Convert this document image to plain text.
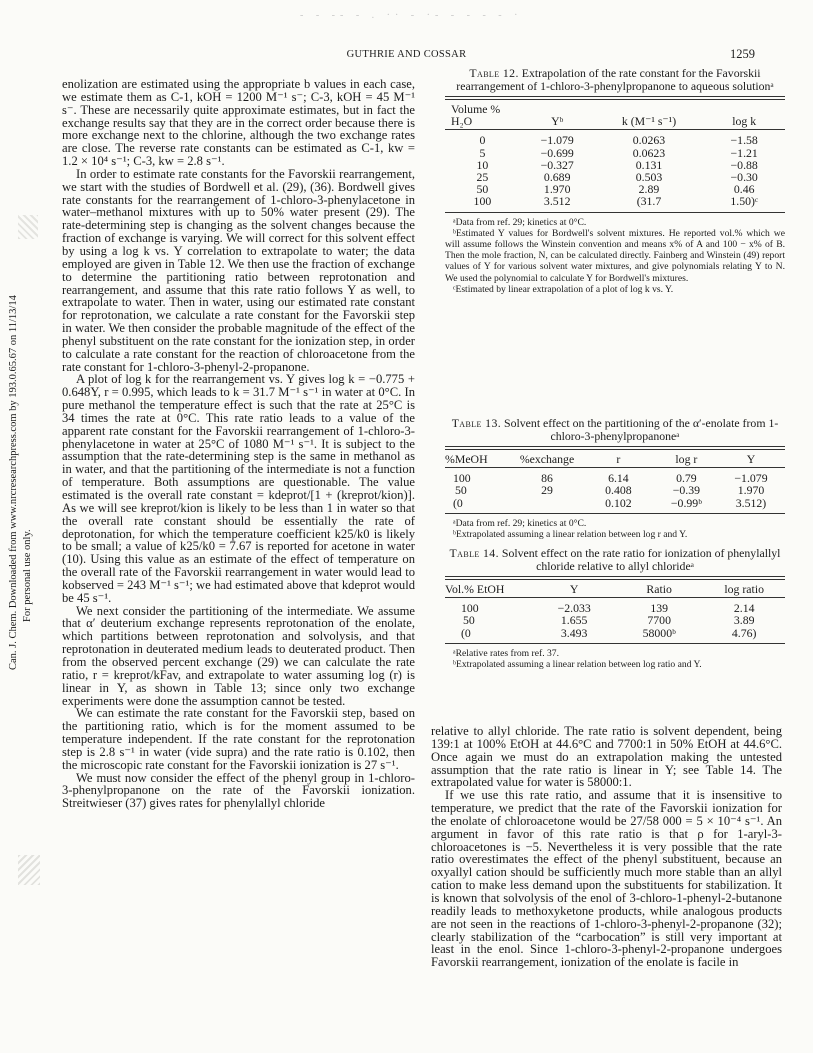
- - -- - . ·· - ·- - - - - ·
Can. J. Chem. Downloaded from www.nrcresearchpress.com by 193.0.65.67 on 11/13/14 For personal use only.
GUTHRIE AND COSSAR	1259

enolization are estimated using the appropriate b values in each case, we estimate them as C-1, kOH = 1200 M⁻¹ s⁻; C-3, kOH = 45 M⁻¹ s⁻. These are necessarily quite approximate estimates, but in fact the exchange results say that they are in the correct order because there is more exchange next to the chlorine, although the two exchange rates are close. The reverse rate constants can be estimated as C-1, kw = 1.2 × 10⁴ s⁻¹; C-3, kw = 2.8 s⁻¹.

In order to estimate rate constants for the Favorskii rearrangement, we start with the studies of Bordwell et al. (29), (36). Bordwell gives rate constants for the rearrangement of 1-chloro-3-phenylacetone in water–methanol mixtures with up to 50% water present (29). The rate-determining step is changing as the solvent changes because the fraction of exchange is varying. We will correct for this solvent effect by using a log k vs. Y correlation to extrapolate to water; the data employed are given in Table 12. We then use the fraction of exchange to determine the partitioning ratio between reprotonation and rearrangement, and assume that this rate ratio follows Y as well, to extrapolate to water. Then in water, using our estimated rate constant for reprotonation, we calculate a rate constant for the Favorskii step in water. We then consider the probable magnitude of the effect of the phenyl substituent on the rate constant for the ionization step, in order to calculate a rate constant for the reaction of chloroacetone from the rate constant for 1-chloro-3-phenyl-2-propanone.

A plot of log k for the rearrangement vs. Y gives log k = −0.775 + 0.648Y, r = 0.995, which leads to k = 31.7 M⁻¹ s⁻¹ in water at 0°C. In pure methanol the temperature effect is such that the rate at 25°C is 34 times the rate at 0°C. This rate ratio leads to a value of the apparent rate constant for the Favorskii rearrangement of 1-chloro-3-phenylacetone in water at 25°C of 1080 M⁻¹ s⁻¹. It is subject to the assumption that the rate-determining step is the same in methanol as in water, and that the partitioning of the intermediate is not a function of temperature. Both assumptions are questionable. The value estimated is the overall rate constant = kdeprot/[1 + (kreprot/kion)]. As we will see kreprot/kion is likely to be less than 1 in water so that the overall rate constant should be essentially the rate of deprotonation, for which the temperature coefficient k25/k0 is likely to be small; a value of k25/k0 = 7.67 is reported for acetone in water (10). Using this value as an estimate of the effect of temperature on the overall rate of the Favorskii rearrangement in water would lead to kobserved = 243 M⁻¹ s⁻¹; we had estimated above that kdeprot would be 45 s⁻¹.

We next consider the partitioning of the intermediate. We assume that α′ deuterium exchange represents reprotonation of the enolate, which partitions between reprotonation and solvolysis, and that reprotonation in deuterated medium leads to deuterated product. Then from the observed percent exchange (29) we can calculate the rate ratio, r = kreprot/kFav, and extrapolate to water assuming log (r) is linear in Y, as shown in Table 13; since only two exchange experiments were done the assumption cannot be tested.

We can estimate the rate constant for the Favorskii step, based on the partitioning ratio, which is for the moment assumed to be temperature independent. If the rate constant for the reprotonation step is 2.8 s⁻¹ in water (vide supra) and the rate ratio is 0.102, then the microscopic rate constant for the Favorskii ionization is 27 s⁻¹.

We must now consider the effect of the phenyl group in 1-chloro-3-phenylpropanone on the rate of the Favorskii ionization. Streitwieser (37) gives rates for phenylallyl chloride

Table 12. Extrapolation of the rate constant for the Favorskii rearrangement of 1-chloro-3-phenylpropanone to aqueous solutionᵃ
Volume % H₂O	Yᵇ	k (M⁻¹ s⁻¹)	log k
0	−1.079	0.0263	−1.58
5	−0.699	0.0623	−1.21
10	−0.327	0.131	−0.88
25	0.689	0.503	−0.30
50	1.970	2.89	0.46
100	3.512	(31.7	1.50)ᶜ
ᵃData from ref. 29; kinetics at 0°C.
ᵇEstimated Y values for Bordwell's solvent mixtures. He reported vol.% which we will assume follows the Winstein convention and means x% of A and 100 − x% of B. Then the mole fraction, N, can be calculated directly. Fainberg and Winstein (49) report values of Y for various solvent water mixtures, and give polynomials relating Y to N. We used the polynomial to calculate Y for Bordwell's mixtures.
ᶜEstimated by linear extrapolation of a plot of log k vs. Y.
Table 13. Solvent effect on the partitioning of the α′-enolate from 1-chloro-3-phenylpropanoneᵃ
%MeOH	%exchange	r	log r	Y
100	86	6.14	0.79	−1.079
50	29	0.408	−0.39	1.970
(0		0.102	−0.99ᵇ	3.512)
ᵃData from ref. 29; kinetics at 0°C.
ᵇExtrapolated assuming a linear relation between log r and Y.
Table 14. Solvent effect on the rate ratio for ionization of phenylallyl chloride relative to allyl chlorideᵃ
Vol.% EtOH	Y	Ratio	log ratio
100	−2.033	139	2.14
50	1.655	7700	3.89
(0	3.493	58000ᵇ	4.76)
ᵃRelative rates from ref. 37.
ᵇExtrapolated assuming a linear relation between log ratio and Y.

relative to allyl chloride. The rate ratio is solvent dependent, being 139:1 at 100% EtOH at 44.6°C and 7700:1 in 50% EtOH at 44.6°C. Once again we must do an extrapolation making the untested assumption that the rate ratio is linear in Y; see Table 14. The extrapolated value for water is 58000:1.

If we use this rate ratio, and assume that it is insensitive to temperature, we predict that the rate of the Favorskii ionization for the enolate of chloroacetone would be 27/58 000 = 5 × 10⁻⁴ s⁻¹. An argument in favor of this rate ratio is that ρ for 1-aryl-3-chloroacetones is −5. Nevertheless it is very possible that the rate ratio overestimates the effect of the phenyl substituent, because an oxyallyl cation should be sufficiently much more stable than an allyl cation to make less demand upon the substituents for stabilization. It is known that solvolysis of the enol of 3-chloro-1-phenyl-2-butanone readily leads to methoxyketone products, while analogous products are not seen in the reactions of 1-chloro-3-phenyl-2-propanone (32); clearly stabilization of the “carbocation” is still very important at least in the enol. Since 1-chloro-3-phenyl-2-propanone undergoes Favorskii rearrangement, ionization of the enolate is facile in
